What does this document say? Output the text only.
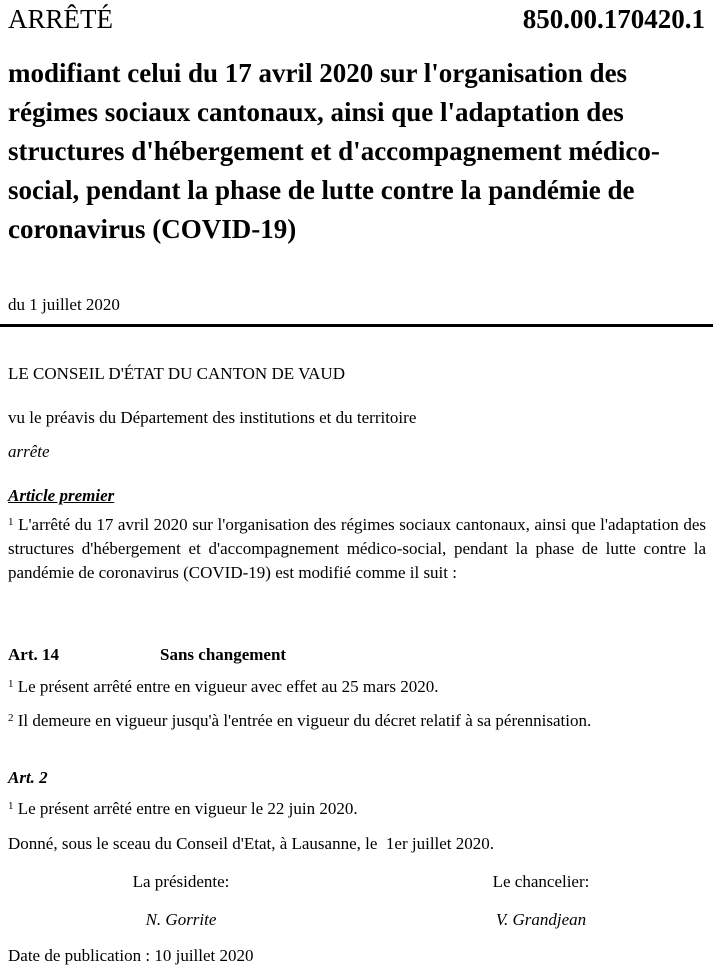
ARRÊTÉ	850.00.170420.1
modifiant celui du 17 avril 2020 sur l'organisation des régimes sociaux cantonaux, ainsi que l'adaptation des structures d'hébergement et d'accompagnement médico-social, pendant la phase de lutte contre la pandémie de coronavirus (COVID-19)
du 1 juillet 2020
LE CONSEIL D'ÉTAT DU CANTON DE VAUD
vu le préavis du Département des institutions et du territoire
arrête
Article premier
$^1$ L'arrêté du 17 avril 2020 sur l'organisation des régimes sociaux cantonaux, ainsi que l'adaptation des structures d'hébergement et d'accompagnement médico-social, pendant la phase de lutte contre la pandémie de coronavirus (COVID-19) est modifié comme il suit :
Art. 14	Sans changement
$^1$ Le présent arrêté entre en vigueur avec effet au 25 mars 2020.
$^2$ Il demeure en vigueur jusqu'à l'entrée en vigueur du décret relatif à sa pérennisation.
Art. 2
$^1$ Le présent arrêté entre en vigueur le 22 juin 2020.
Donné, sous le sceau du Conseil d'Etat, à Lausanne, le  1er juillet 2020.
La présidente:	Le chancelier:
N. Gorrite	V. Grandjean
Date de publication : 10 juillet 2020
